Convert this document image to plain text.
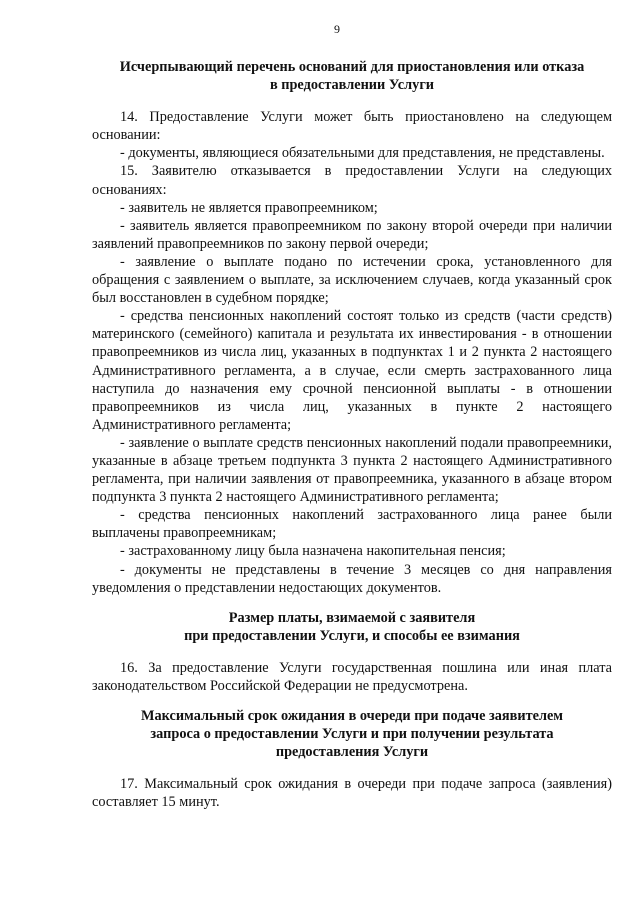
9
Исчерпывающий перечень оснований для приостановления или отказа
в предоставлении Услуги

14. Предоставление Услуги может быть приостановлено на следующем основании:

- документы, являющиеся обязательными для представления, не представлены.

15. Заявителю отказывается в предоставлении Услуги на следующих основаниях:

- заявитель не является правопреемником;

- заявитель является правопреемником по закону второй очереди при наличии заявлений правопреемников по закону первой очереди;

- заявление о выплате подано по истечении срока, установленного для обращения с заявлением о выплате, за исключением случаев, когда указанный срок был восстановлен в судебном порядке;

- средства пенсионных накоплений состоят только из средств (части средств) материнского (семейного) капитала и результата их инвестирования - в отношении правопреемников из числа лиц, указанных в подпунктах 1 и 2 пункта 2 настоящего Административного регламента, а в случае, если смерть застрахованного лица наступила до назначения ему срочной пенсионной выплаты - в отношении правопреемников из числа лиц, указанных в пункте 2 настоящего Административного регламента;

- заявление о выплате средств пенсионных накоплений подали правопреемники, указанные в абзаце третьем подпункта 3 пункта 2 настоящего Административного регламента, при наличии заявления от правопреемника, указанного в абзаце втором подпункта 3 пункта 2 настоящего Административного регламента;

- средства пенсионных накоплений застрахованного лица ранее были выплачены правопреемникам;

- застрахованному лицу была назначена накопительная пенсия;

- документы не представлены в течение 3 месяцев со дня направления уведомления о представлении недостающих документов.

Размер платы, взимаемой с заявителя
при предоставлении Услуги, и способы ее взимания

16. За предоставление Услуги государственная пошлина или иная плата законодательством Российской Федерации не предусмотрена.

Максимальный срок ожидания в очереди при подаче заявителем
запроса о предоставлении Услуги и при получении результата
предоставления Услуги

17. Максимальный срок ожидания в очереди при подаче запроса (заявления) составляет 15 минут.
